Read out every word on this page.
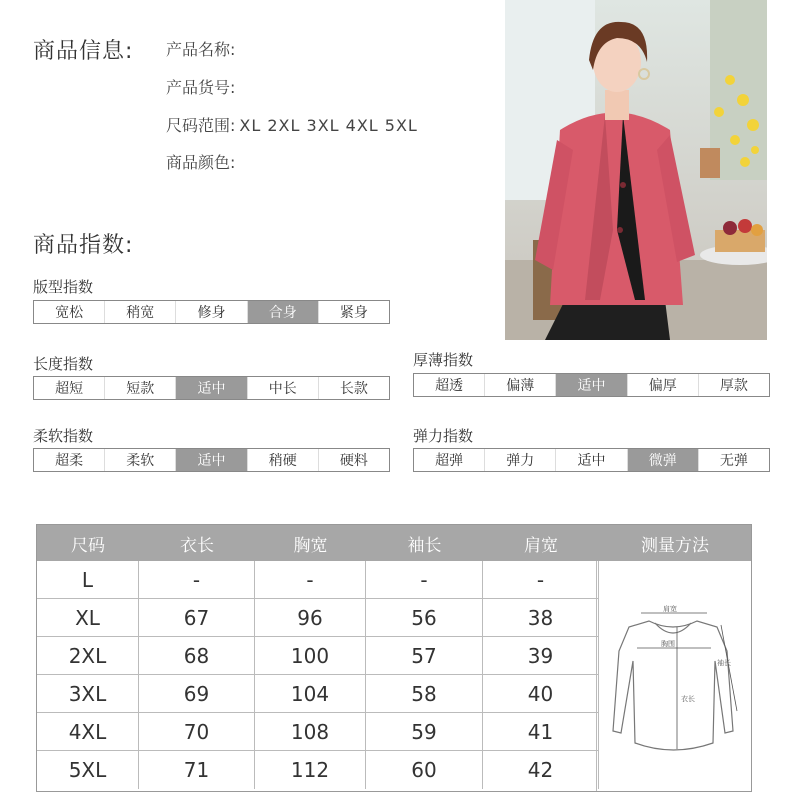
商品信息: 产品名称:
产品货号:
尺码范围: XL 2XL 3XL 4XL 5XL
商品颜色:
商品指数:
版型指数
宽松	稍宽	修身	合身	紧身
长度指数
超短	短款	适中	中长	长款
厚薄指数
超透	偏薄	适中	偏厚	厚款
柔软指数
超柔	柔软	适中	稍硬	硬料
弹力指数
超弹	弹力	适中	微弹	无弹
尺码	衣长	胸宽	袖长	肩宽	测量方法
L	-	-	-	-
XL	67	96	56	38
2XL	68	100	57	39
3XL	69	104	58	40
4XL	70	108	59	41
5XL	71	112	60	42
肩宽
胸围
袖长
衣长
